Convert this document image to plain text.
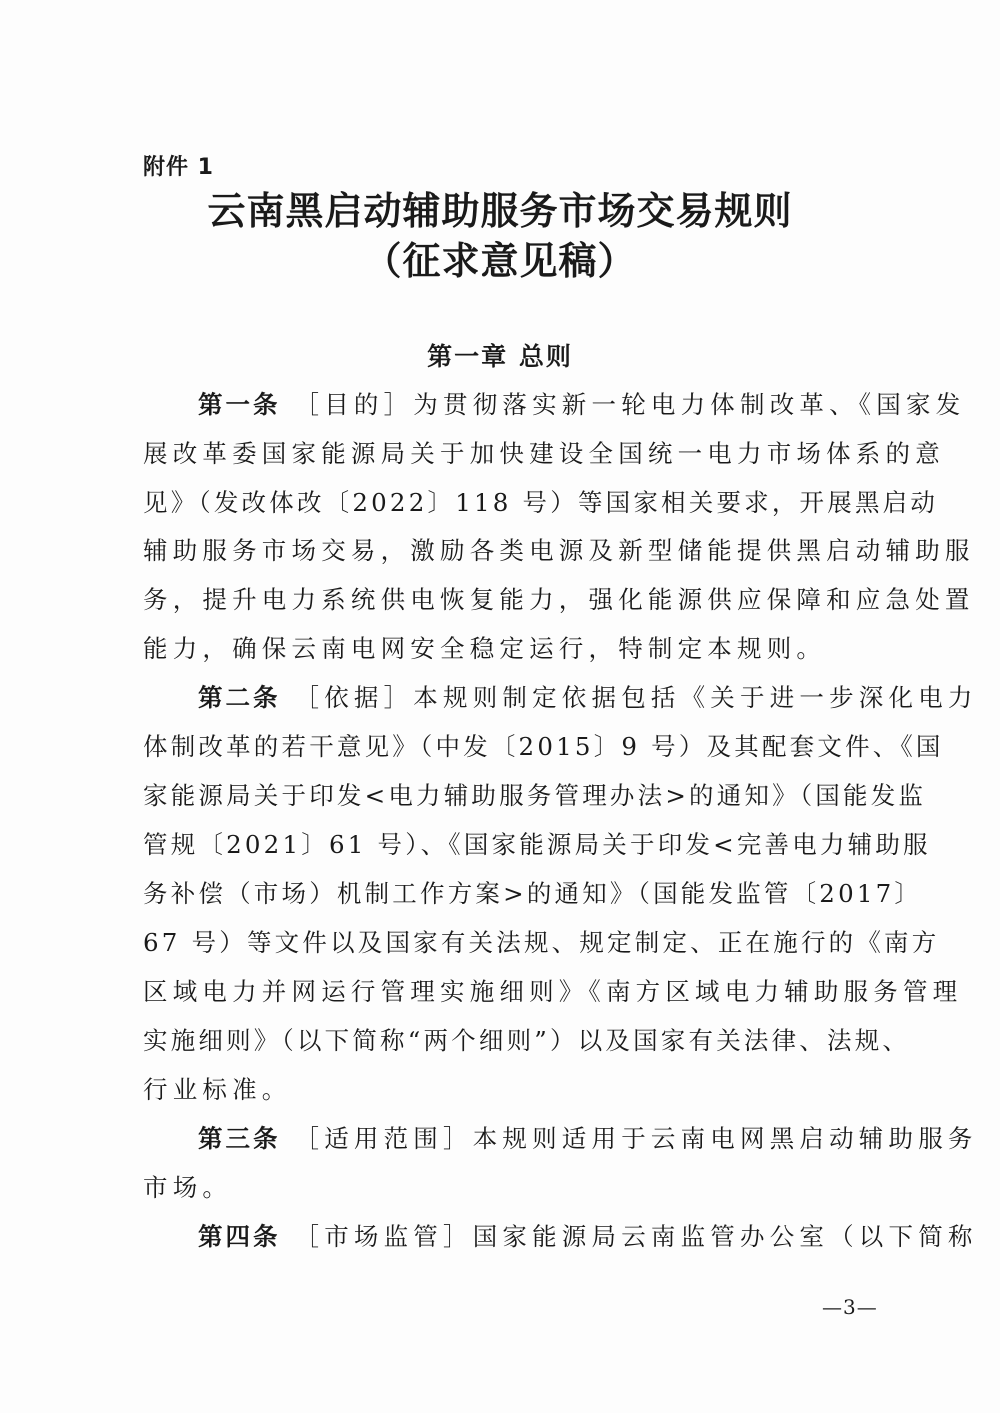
附件 1
云南黑启动辅助服务市场交易规则
（征求意见稿）
第一章 总则
第一条 ［目的］为贯彻落实新一轮电力体制改革、《国家发
展改革委国家能源局关于加快建设全国统一电力市场体系的意
见》（发改体改〔2022〕118 号）等国家相关要求，开展黑启动
辅助服务市场交易，激励各类电源及新型储能提供黑启动辅助服
务，提升电力系统供电恢复能力，强化能源供应保障和应急处置
能力，确保云南电网安全稳定运行，特制定本规则。
第二条 ［依据］本规则制定依据包括《关于进一步深化电力
体制改革的若干意见》（中发〔2015〕9 号）及其配套文件、《国
家能源局关于印发<电力辅助服务管理办法>的通知》（国能发监
管规〔2021〕61 号）、《国家能源局关于印发<完善电力辅助服
务补偿（市场）机制工作方案>的通知》（国能发监管〔2017〕
67 号）等文件以及国家有关法规、规定制定、正在施行的《南方
区域电力并网运行管理实施细则》《南方区域电力辅助服务管理
实施细则》（以下简称“两个细则”）以及国家有关法律、法规、
行业标准。
第三条 ［适用范围］本规则适用于云南电网黑启动辅助服务
市场。
第四条 ［市场监管］国家能源局云南监管办公室（以下简称
—3—
